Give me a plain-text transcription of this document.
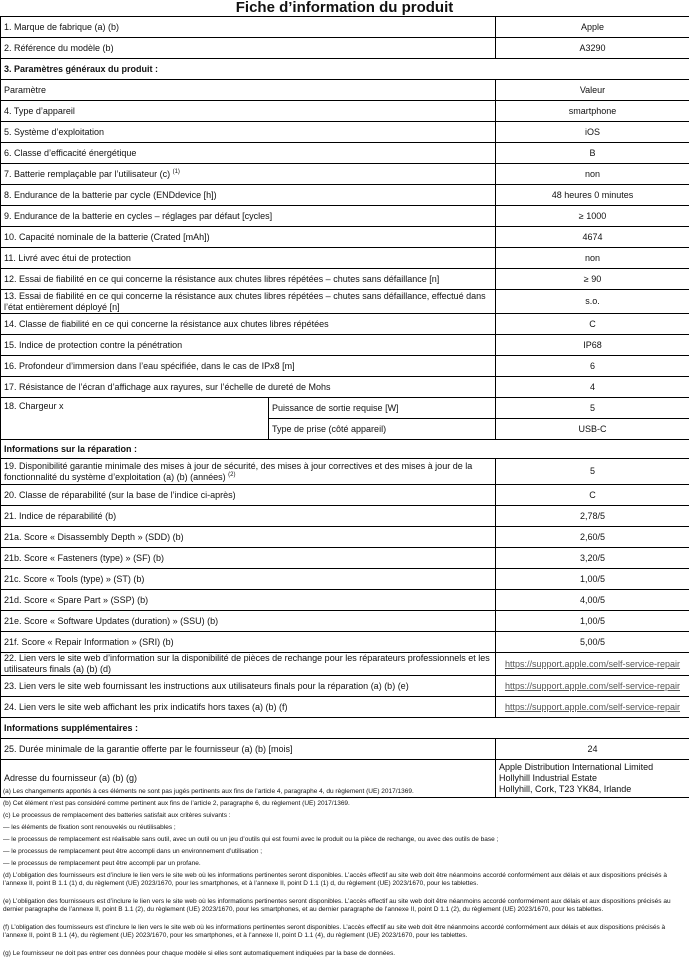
Fiche d’information du produit
1. Marque de fabrique (a) (b)		Apple
2. Référence du modèle (b)		A3290
3. Paramètres généraux du produit :		
Paramètre		Valeur
4. Type d’appareil		smartphone
5. Système d’exploitation		iOS
6. Classe d’efficacité énergétique		B
7. Batterie remplaçable par l’utilisateur (c) $^{(1)}$		non
8. Endurance de la batterie par cycle (ENDdevice [h])		48 heures 0 minutes
9. Endurance de la batterie en cycles – réglages par défaut [cycles]		≥ 1000
10. Capacité nominale de la batterie (Crated [mAh])		4674
11. Livré avec étui de protection		non
12. Essai de fiabilité en ce qui concerne la résistance aux chutes libres répétées – chutes sans défaillance [n]		≥ 90
13. Essai de fiabilité en ce qui concerne la résistance aux chutes libres répétées – chutes sans défaillance, effectué dans l’état entièrement déployé [n]		s.o.
14. Classe de fiabilité en ce qui concerne la résistance aux chutes libres répétées		C
15. Indice de protection contre la pénétration		IP68
16. Profondeur d’immersion dans l’eau spécifiée, dans le cas de IPx8 [m]		6
17. Résistance de l’écran d’affichage aux rayures, sur l’échelle de dureté de Mohs		4
18. Chargeur x	Puissance de sortie requise [W]	5
	Type de prise (côté appareil)	USB-C
Informations sur la réparation :		
19. Disponibilité garantie minimale des mises à jour de sécurité, des mises à jour correctives et des mises à jour de la fonctionnalité du système d’exploitation (a) (b) (années) $^{(2)}$		5
20. Classe de réparabilité (sur la base de l’indice ci-après)		C
21. Indice de réparabilité (b)		2,78/5
21a. Score « Disassembly Depth » (SDD) (b)		2,60/5
21b. Score « Fasteners (type) » (SF) (b)		3,20/5
21c. Score « Tools (type) » (ST) (b)		1,00/5
21d. Score « Spare Part » (SSP) (b)		4,00/5
21e. Score « Software Updates (duration) » (SSU) (b)		1,00/5
21f. Score « Repair Information » (SRI) (b)		5,00/5
22. Lien vers le site web d’information sur la disponibilité de pièces de rechange pour les réparateurs professionnels et les utilisateurs finals (a) (b) (d)		https://support.apple.com/self-service-repair
23. Lien vers le site web fournissant les instructions aux utilisateurs finals pour la réparation (a) (b) (e)		https://support.apple.com/self-service-repair
24. Lien vers le site web affichant les prix indicatifs hors taxes (a) (b) (f)		https://support.apple.com/self-service-repair
Informations supplémentaires :		
25. Durée minimale de la garantie offerte par le fournisseur (a) (b) [mois]		24
Adresse du fournisseur (a) (b) (g)		Apple Distribution International Limited
Hollyhill Industrial Estate
Hollyhill, Cork, T23 YK84, Irlande
(a) Les changements apportés à ces éléments ne sont pas jugés pertinents aux fins de l’article 4, paragraphe 4, du règlement (UE) 2017/1369.
(b) Cet élément n’est pas considéré comme pertinent aux fins de l’article 2, paragraphe 6, du règlement (UE) 2017/1369.
(c) Le processus de remplacement des batteries satisfait aux critères suivants :
— les éléments de fixation sont renouvelés ou réutilisables ;
— le processus de remplacement est réalisable sans outil, avec un outil ou un jeu d’outils qui est fourni avec le produit ou la pièce de rechange, ou avec des outils de base ;
— le processus de remplacement peut être accompli dans un environnement d’utilisation ;
— le processus de remplacement peut être accompli par un profane.
(d) L’obligation des fournisseurs est d’inclure le lien vers le site web où les informations pertinentes seront disponibles. L’accès effectif au site web doit être néanmoins accordé conformément aux délais et aux dispositions précisés à l’annexe II, point B 1.1 (1) d, du règlement (UE) 2023/1670, pour les smartphones, et à l’annexe II, point D 1.1 (1) d, du règlement (UE) 2023/1670, pour les tablettes.
(e) L’obligation des fournisseurs est d’inclure le lien vers le site web où les informations pertinentes seront disponibles. L’accès effectif au site web doit être néanmoins accordé conformément aux délais et aux dispositions précisés au dernier paragraphe de l’annexe II, point B 1.1 (2), du règlement (UE) 2023/1670, pour les smartphones, et au dernier paragraphe de l’annexe II, point D 1.1 (2), du règlement (UE) 2023/1670, pour les tablettes.
(f) L’obligation des fournisseurs est d’inclure le lien vers le site web où les informations pertinentes seront disponibles. L’accès effectif au site web doit être néanmoins accordé conformément aux délais et aux dispositions précisés à l’annexe II, point B 1.1 (4), du règlement (UE) 2023/1670, pour les smartphones, et à l’annexe II, point D 1.1 (4), du règlement (UE) 2023/1670, pour les tablettes.
(g) Le fournisseur ne doit pas entrer ces données pour chaque modèle si elles sont automatiquement indiquées par la base de données.
